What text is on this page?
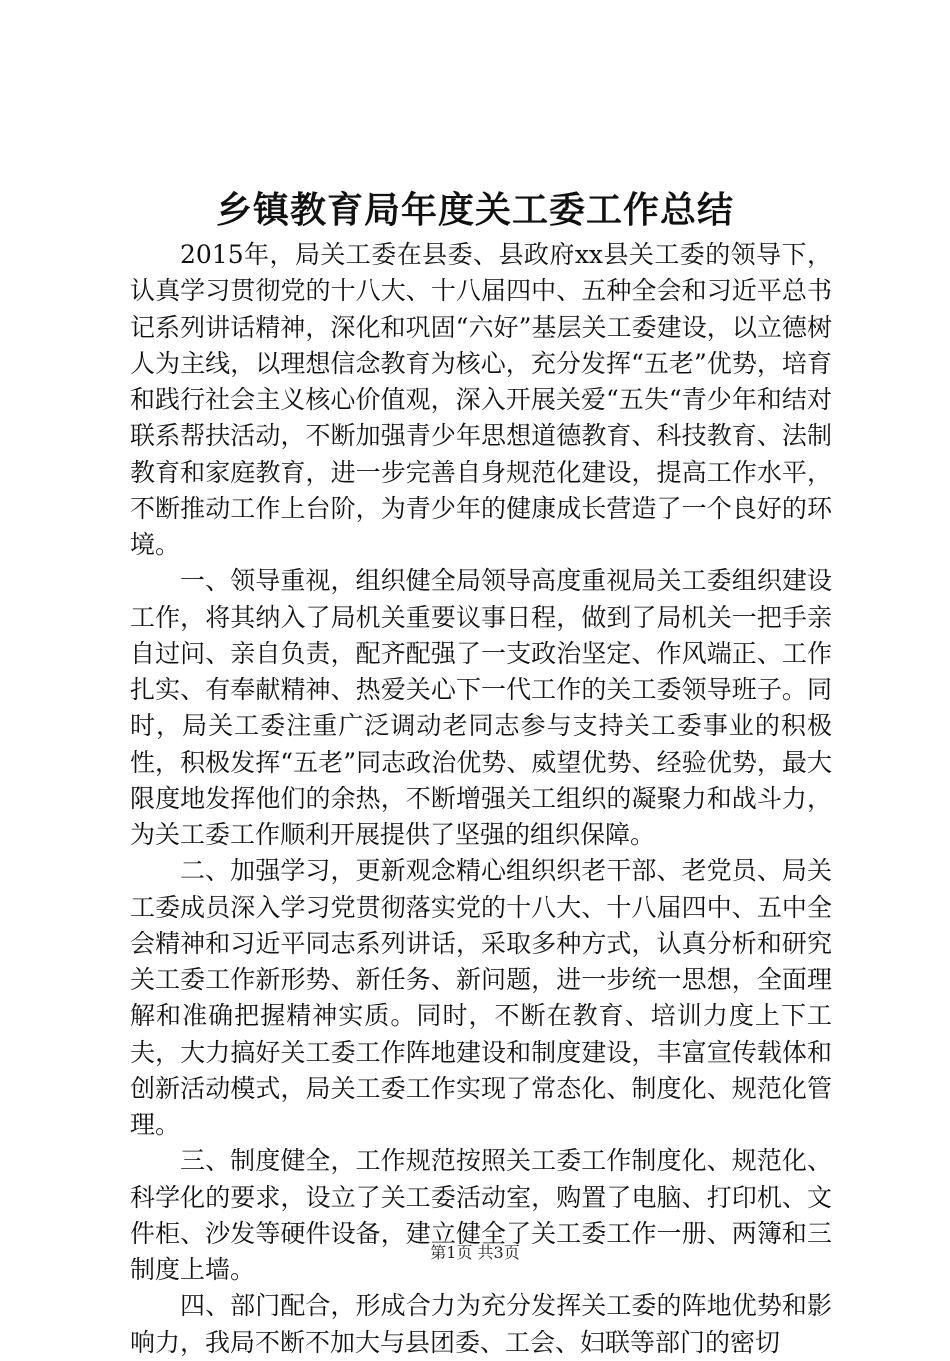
乡镇教育局年度关工委工作总结

2015年，局关工委在县委、县政府xx县关工委的领导下，认真学习贯彻党的十八大、十八届四中、五种全会和习近平总书记系列讲话精神，深化和巩固“六好”基层关工委建设，以立德树人为主线，以理想信念教育为核心，充分发挥“五老”优势，培育和践行社会主义核心价值观，深入开展关爱“五失“青少年和结对联系帮扶活动，不断加强青少年思想道德教育、科技教育、法制教育和家庭教育，进一步完善自身规范化建设，提高工作水平，不断推动工作上台阶，为青少年的健康成长营造了一个良好的环境。

一、领导重视，组织健全局领导高度重视局关工委组织建设工作，将其纳入了局机关重要议事日程，做到了局机关一把手亲自过问、亲自负责，配齐配强了一支政治坚定、作风端正、工作扎实、有奉献精神、热爱关心下一代工作的关工委领导班子。同时，局关工委注重广泛调动老同志参与支持关工委事业的积极性，积极发挥“五老”同志政治优势、威望优势、经验优势，最大限度地发挥他们的余热，不断增强关工组织的凝聚力和战斗力，为关工委工作顺利开展提供了坚强的组织保障。

二、加强学习，更新观念精心组织织老干部、老党员、局关工委成员深入学习党贯彻落实党的十八大、十八届四中、五中全会精神和习近平同志系列讲话，采取多种方式，认真分析和研究关工委工作新形势、新任务、新问题，进一步统一思想，全面理解和准确把握精神实质。同时，不断在教育、培训力度上下工夫，大力搞好关工委工作阵地建设和制度建设，丰富宣传载体和创新活动模式，局关工委工作实现了常态化、制度化、规范化管理。

三、制度健全，工作规范按照关工委工作制度化、规范化、科学化的要求，设立了关工委活动室，购置了电脑、打印机、文件柜、沙发等硬件设备，建立健全了关工委工作一册、两簿和三制度上墙。

四、部门配合，形成合力为充分发挥关工委的阵地优势和影响力，我局不断不加大与县团委、工会、妇联等部门的密切

第1页 共3页
